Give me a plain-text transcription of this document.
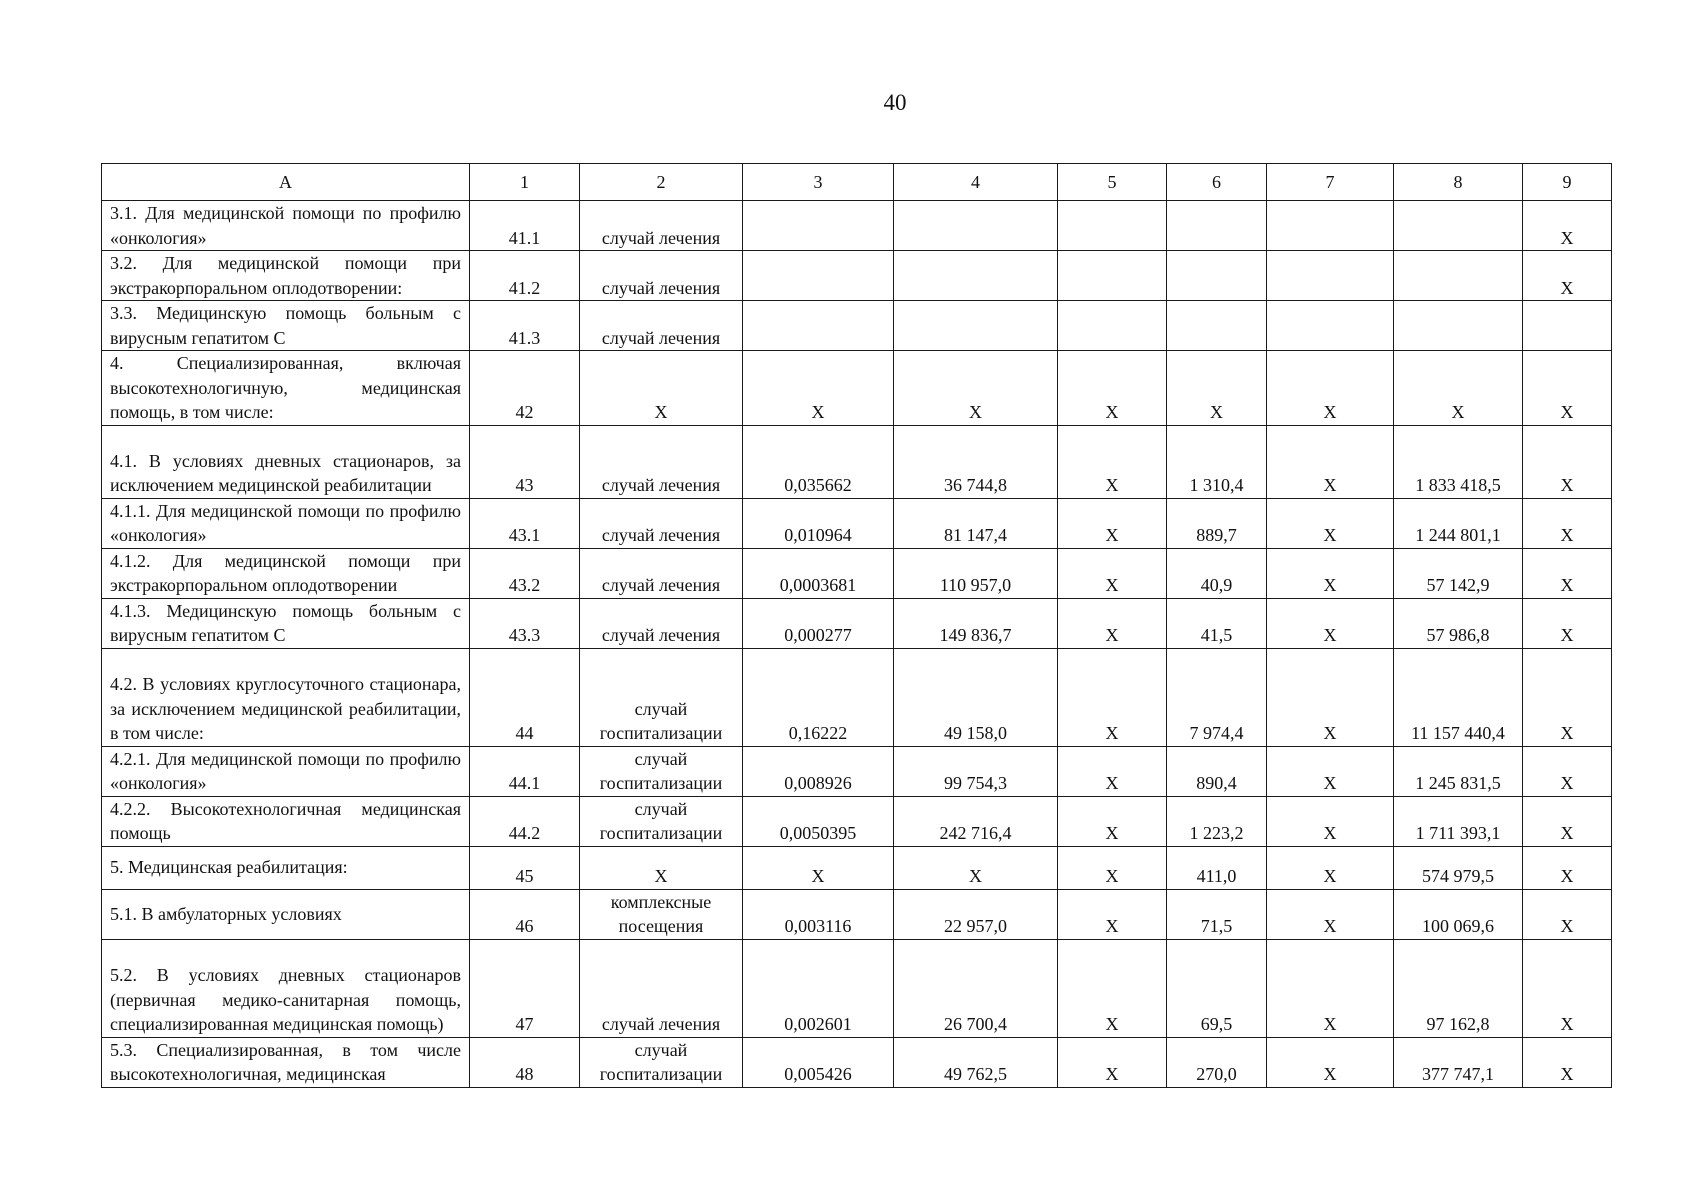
40
А	1	2	3	4	5	6	7	8	9
3.1. Для медицинской помощи по профилю «онкология»	41.1	случай лечения							Х
3.2. Для медицинской помощи при экстракорпоральном оплодотворении:	41.2	случай лечения							Х
3.3. Медицинскую помощь больным с вирусным гепатитом С	41.3	случай лечения							
4. Специализированная, включая высокотехнологичную, медицинская помощь, в том числе:	42	Х	Х	Х	Х	Х	Х	Х	Х
4.1. В условиях дневных стационаров, за исключением медицинской реабилитации	43	случай лечения	0,035662	36 744,8	Х	1 310,4	Х	1 833 418,5	Х
4.1.1. Для медицинской помощи по профилю «онкология»	43.1	случай лечения	0,010964	81 147,4	Х	889,7	Х	1 244 801,1	Х
4.1.2. Для медицинской помощи при экстракорпоральном оплодотворении	43.2	случай лечения	0,0003681	110 957,0	Х	40,9	Х	57 142,9	Х
4.1.3. Медицинскую помощь больным с вирусным гепатитом С	43.3	случай лечения	0,000277	149 836,7	Х	41,5	Х	57 986,8	Х
4.2. В условиях круглосуточного стационара, за исключением медицинской реабилитации, в том числе:	44	случай госпитализации	0,16222	49 158,0	Х	7 974,4	Х	11 157 440,4	Х
4.2.1. Для медицинской помощи по профилю «онкология»	44.1	случай госпитализации	0,008926	99 754,3	Х	890,4	Х	1 245 831,5	Х
4.2.2. Высокотехнологичная медицинская помощь	44.2	случай госпитализации	0,0050395	242 716,4	Х	1 223,2	Х	1 711 393,1	Х
5. Медицинская реабилитация:	45	Х	Х	Х	Х	411,0	Х	574 979,5	Х
5.1. В амбулаторных условиях	46	комплексные посещения	0,003116	22 957,0	Х	71,5	Х	100 069,6	Х
5.2. В условиях дневных стационаров (первичная медико-санитарная помощь, специализированная медицинская помощь)	47	случай лечения	0,002601	26 700,4	Х	69,5	Х	97 162,8	Х
5.3. Специализированная, в том числе высокотехнологичная, медицинская	48	случай госпитализации	0,005426	49 762,5	Х	270,0	Х	377 747,1	Х
